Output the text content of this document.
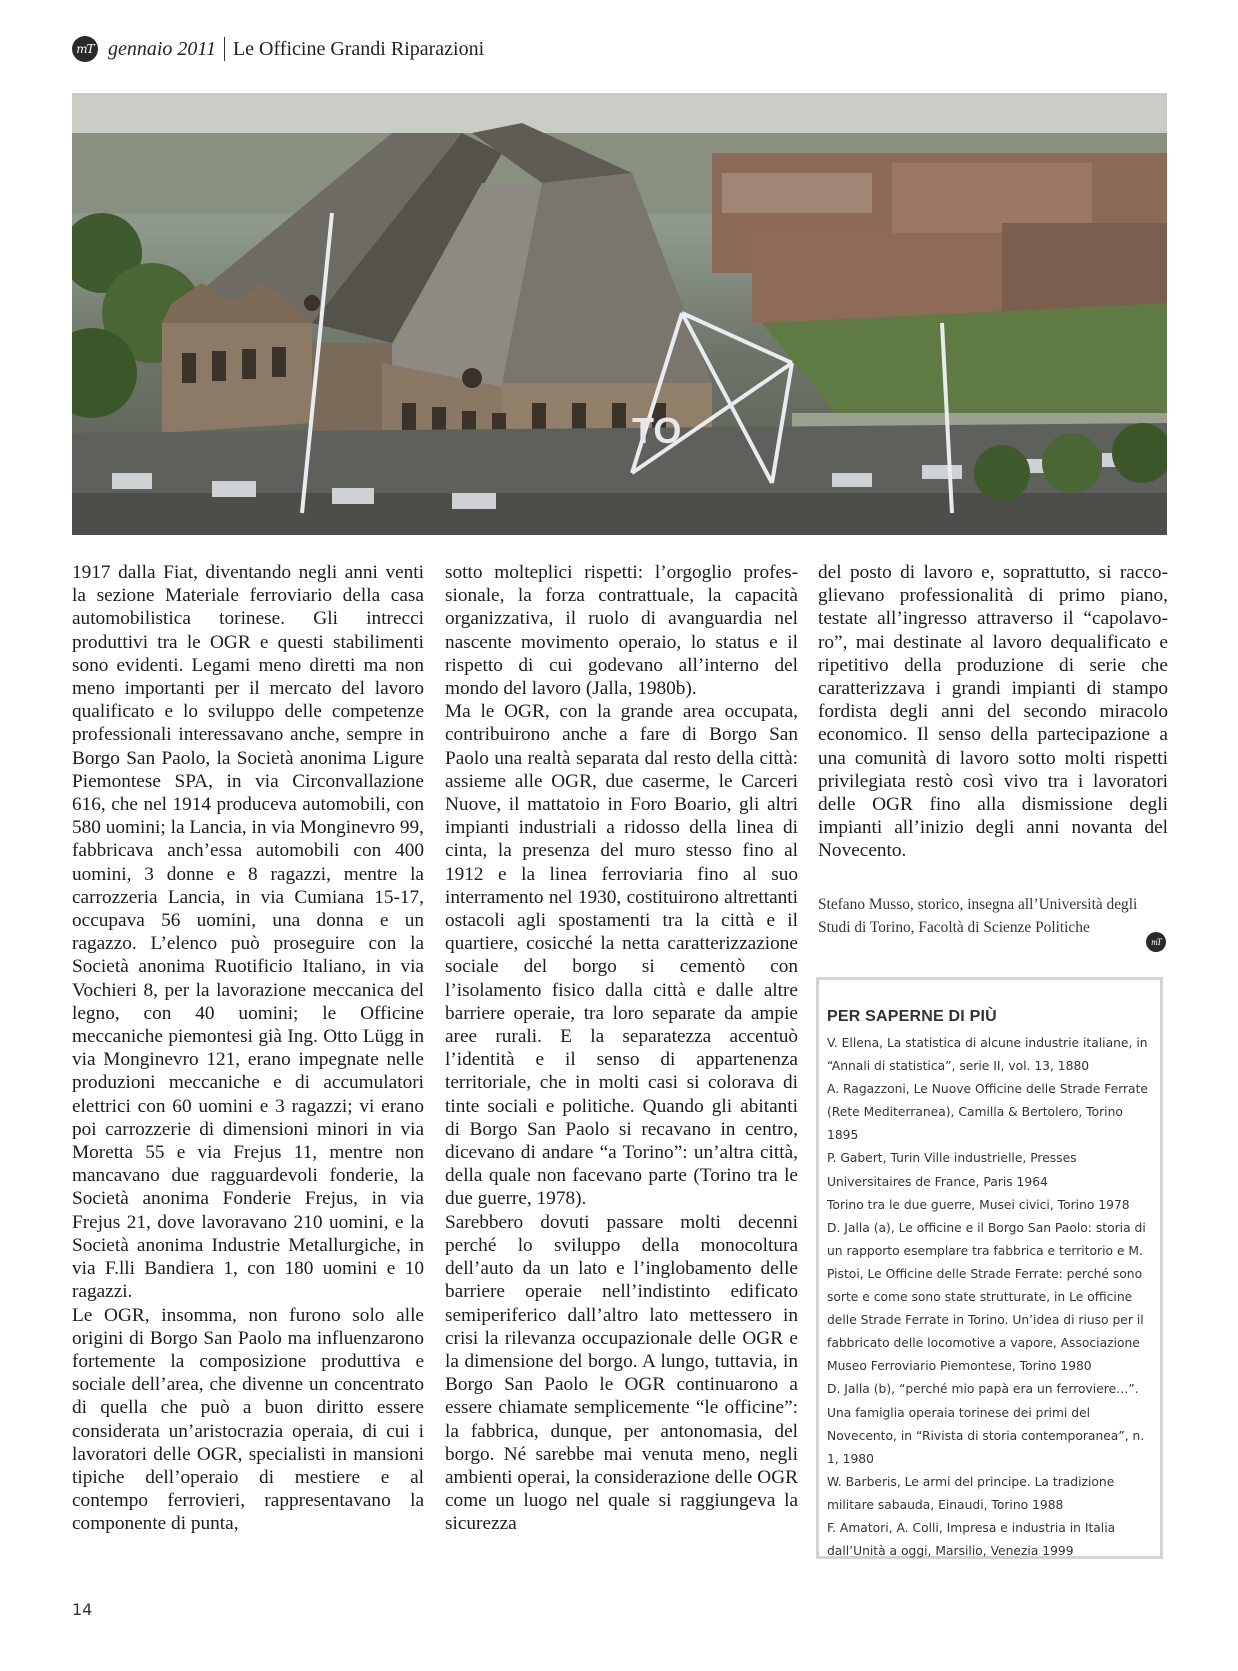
mT gennaio 2011 Le Officine Grandi Riparazioni
TO

1917 dalla Fiat, diventando negli anni venti la sezione Materiale ferroviario della casa automobilistica torinese. Gli intrecci produttivi tra le OGR e questi stabilimenti sono evidenti. Legami meno diretti ma non meno importanti per il mercato del lavoro qualificato e lo sviluppo delle competenze professionali interessavano anche, sempre in Borgo San Paolo, la Società anonima Ligure Piemontese SPA, in via Circonvallazione 616, che nel 1914 produceva automobili, con 580 uomini; la Lancia, in via Monginevro 99, fabbricava anch’essa automobili con 400 uomini, 3 donne e 8 ragazzi, mentre la carrozzeria Lancia, in via Cumiana 15-17, occupava 56 uomini, una donna e un ragazzo. L’elenco può proseguire con la Società anonima Ruotificio Italiano, in via Vochieri 8, per la lavorazione meccanica del legno, con 40 uomini; le Officine meccaniche piemontesi già Ing. Otto Lügg in via Monginevro 121, erano impegnate nelle produzioni meccaniche e di accumulatori elettrici con 60 uomini e 3 ragazzi; vi erano poi carrozzerie di dimensioni minori in via Moretta 55 e via Frejus 11, mentre non mancavano due ragguardevoli fonderie, la Società anonima Fonderie Frejus, in via Frejus 21, dove lavoravano 210 uomini, e la Società anonima Industrie Metallurgiche, in via F.lli Bandiera 1, con 180 uomini e 10 ragazzi.

Le OGR, insomma, non furono solo alle origini di Borgo San Paolo ma influenzarono fortemente la composizione produttiva e sociale dell’area, che divenne un concentrato di quella che può a buon diritto essere considerata un’aristocrazia operaia, di cui i lavoratori delle OGR, specialisti in mansioni tipiche dell’operaio di mestiere e al contempo ferrovieri, rappresentavano la componente di punta,

sotto molteplici rispetti: l’orgoglio professionale, la forza contrattuale, la capacità organizzativa, il ruolo di avanguardia nel nascente movimento operaio, lo status e il rispetto di cui godevano all’interno del mondo del lavoro (Jalla, 1980b).

Ma le OGR, con la grande area occupata, contribuirono anche a fare di Borgo San Paolo una realtà separata dal resto della città: assieme alle OGR, due caserme, le Carceri Nuove, il mattatoio in Foro Boario, gli altri impianti industriali a ridosso della linea di cinta, la presenza del muro stesso fino al 1912 e la linea ferroviaria fino al suo interramento nel 1930, costituirono altrettanti ostacoli agli spostamenti tra la città e il quartiere, cosicché la netta caratterizzazione sociale del borgo si cementò con l’isolamento fisico dalla città e dalle altre barriere operaie, tra loro separate da ampie aree rurali. E la separatezza accentuò l’identità e il senso di appartenenza territoriale, che in molti casi si colorava di tinte sociali e politiche. Quando gli abitanti di Borgo San Paolo si recavano in centro, dicevano di andare “a Torino”: un’altra città, della quale non facevano parte (Torino tra le due guerre, 1978).

Sarebbero dovuti passare molti decenni perché lo sviluppo della monocoltura dell’auto da un lato e l’inglobamento delle barriere operaie nell’indistinto edificato semiperiferico dall’altro lato mettessero in crisi la rilevanza occupazionale delle OGR e la dimensione del borgo. A lungo, tuttavia, in Borgo San Paolo le OGR continuarono a essere chiamate semplicemente “le officine”: la fabbrica, dunque, per antonomasia, del borgo. Né sarebbe mai venuta meno, negli ambienti operai, la considerazione delle OGR come un luogo nel quale si raggiungeva la sicurezza

del posto di lavoro e, soprattutto, si raccoglievano professionalità di primo piano, testate all’ingresso attraverso il “capolavoro”, mai destinate al lavoro dequalificato e ripetitivo della produzione di serie che caratterizzava i grandi impianti di stampo fordista degli anni del secondo miracolo economico. Il senso della partecipazione a una comunità di lavoro sotto molti rispetti privilegiata restò così vivo tra i lavoratori delle OGR fino alla dismissione degli impianti all’inizio degli anni novanta del Novecento.

Stefano Musso, storico, insegna all’Università degli Studi di Torino, Facoltà di Scienze Politiche
mT
PER SAPERNE DI PIÙ

V. Ellena, La statistica di alcune industrie italiane, in “Annali di statistica”, serie II, vol. 13, 1880

A. Ragazzoni, Le Nuove Officine delle Strade Ferrate (Rete Mediterranea), Camilla & Bertolero, Torino 1895

P. Gabert, Turin Ville industrielle, Presses Universitaires de France, Paris 1964

Torino tra le due guerre, Musei civici, Torino 1978

D. Jalla (a), Le officine e il Borgo San Paolo: storia di un rapporto esemplare tra fabbrica e territorio e M. Pistoi, Le Officine delle Strade Ferrate: perché sono sorte e come sono state strutturate, in Le officine delle Strade Ferrate in Torino. Un’idea di riuso per il fabbricato delle locomotive a vapore, Associazione Museo Ferroviario Piemontese, Torino 1980

D. Jalla (b), “perché mio papà era un ferroviere…”. Una famiglia operaia torinese dei primi del Novecento, in “Rivista di storia contemporanea”, n. 1, 1980

W. Barberis, Le armi del principe. La tradizione militare sabauda, Einaudi, Torino 1988

F. Amatori, A. Colli, Impresa e industria in Italia dall’Unità a oggi, Marsilio, Venezia 1999

14
